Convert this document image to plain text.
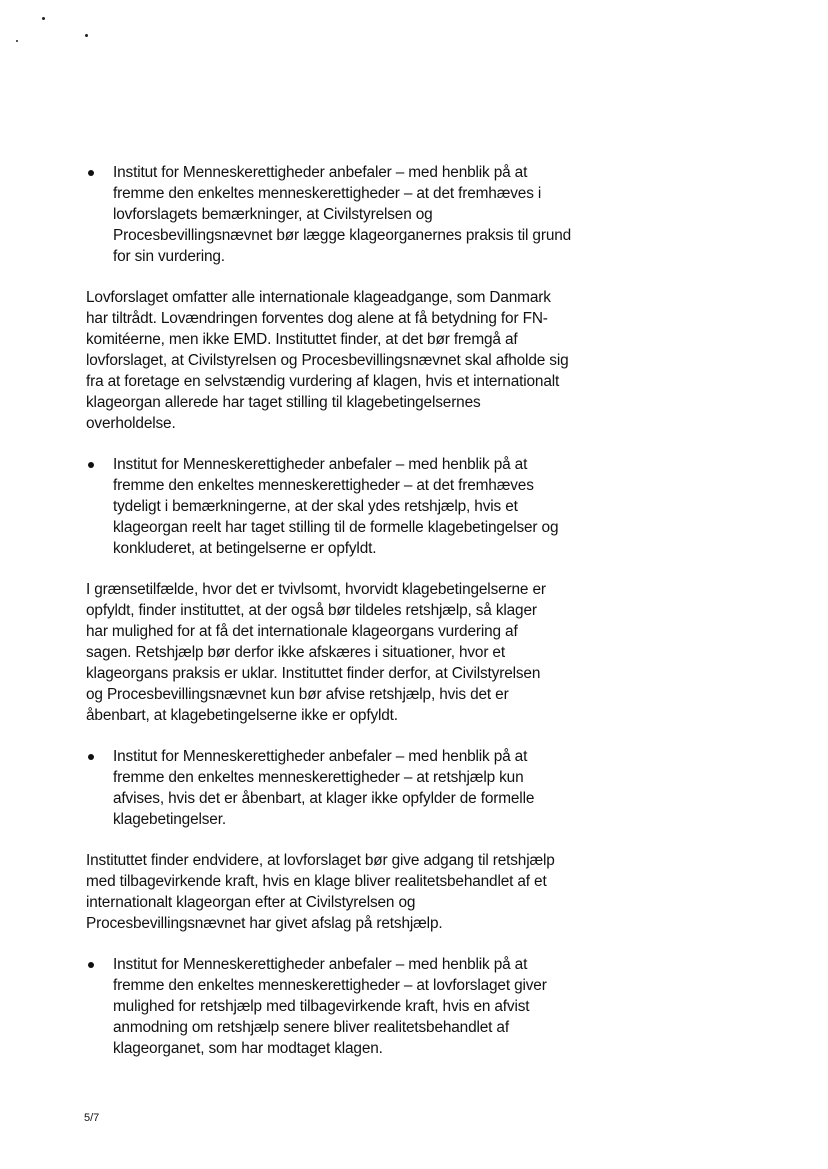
Institut for Menneskerettigheder anbefaler – med henblik på at
fremme den enkeltes menneskerettigheder – at det fremhæves i
lovforslagets bemærkninger, at Civilstyrelsen og
Procesbevillingsnævnet bør lægge klageorganernes praksis til grund
for sin vurdering.
Lovforslaget omfatter alle internationale klageadgange, som Danmark
har tiltrådt. Lovændringen forventes dog alene at få betydning for FN-
komitéerne, men ikke EMD. Instituttet finder, at det bør fremgå af
lovforslaget, at Civilstyrelsen og Procesbevillingsnævnet skal afholde sig
fra at foretage en selvstændig vurdering af klagen, hvis et internationalt
klageorgan allerede har taget stilling til klagebetingelsernes
overholdelse.
Institut for Menneskerettigheder anbefaler – med henblik på at
fremme den enkeltes menneskerettigheder – at det fremhæves
tydeligt i bemærkningerne, at der skal ydes retshjælp, hvis et
klageorgan reelt har taget stilling til de formelle klagebetingelser og
konkluderet, at betingelserne er opfyldt.
I grænsetilfælde, hvor det er tvivlsomt, hvorvidt klagebetingelserne er
opfyldt, finder instituttet, at der også bør tildeles retshjælp, så klager
har mulighed for at få det internationale klageorgans vurdering af
sagen. Retshjælp bør derfor ikke afskæres i situationer, hvor et
klageorgans praksis er uklar. Instituttet finder derfor, at Civilstyrelsen
og Procesbevillingsnævnet kun bør afvise retshjælp, hvis det er
åbenbart, at klagebetingelserne ikke er opfyldt.
Institut for Menneskerettigheder anbefaler – med henblik på at
fremme den enkeltes menneskerettigheder – at retshjælp kun
afvises, hvis det er åbenbart, at klager ikke opfylder de formelle
klagebetingelser.
Instituttet finder endvidere, at lovforslaget bør give adgang til retshjælp
med tilbagevirkende kraft, hvis en klage bliver realitetsbehandlet af et
internationalt klageorgan efter at Civilstyrelsen og
Procesbevillingsnævnet har givet afslag på retshjælp.
Institut for Menneskerettigheder anbefaler – med henblik på at
fremme den enkeltes menneskerettigheder – at lovforslaget giver
mulighed for retshjælp med tilbagevirkende kraft, hvis en afvist
anmodning om retshjælp senere bliver realitetsbehandlet af
klageorganet, som har modtaget klagen.
5/7
